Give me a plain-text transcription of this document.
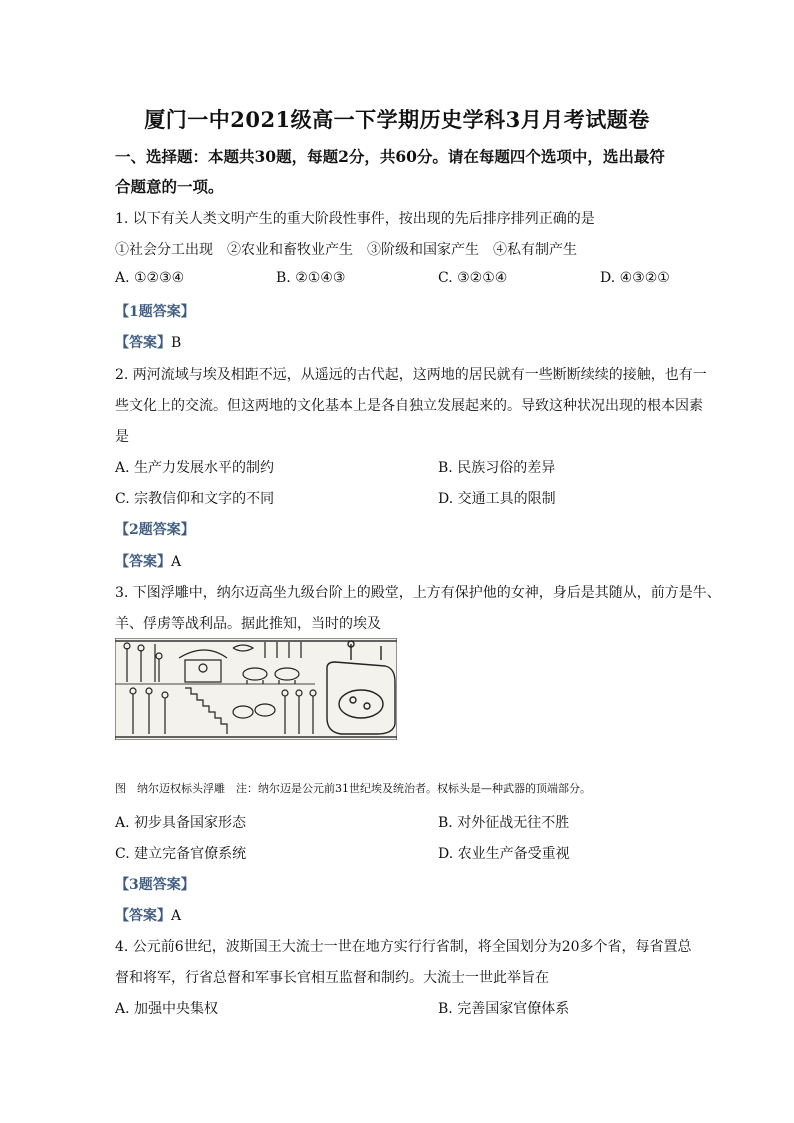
厦门一中2021级高一下学期历史学科3月月考试题卷
一、选择题：本题共30题，每题2分，共60分。请在每题四个选项中，选出最符
合题意的一项。
1. 以下有关人类文明产生的重大阶段性事件，按出现的先后排序排列正确的是
①社会分工出现　②农业和畜牧业产生　③阶级和国家产生　④私有制产生
A. ①②③④	B. ②①④③	C. ③②①④	D. ④③②①
【1题答案】
【答案】B
2. 两河流域与埃及相距不远，从遥远的古代起，这两地的居民就有一些断断续续的接触，也有一
些文化上的交流。但这两地的文化基本上是各自独立发展起来的。导致这种状况出现的根本因素
是
A. 生产力发展水平的制约	B. 民族习俗的差异
C. 宗教信仰和文字的不同	D. 交通工具的限制
【2题答案】
【答案】A
3. 下图浮雕中，纳尔迈高坐九级台阶上的殿堂，上方有保护他的女神，身后是其随从，前方是牛、
羊、俘虏等战利品。据此推知，当时的埃及
图　纳尔迈权标头浮雕　注：纳尔迈是公元前31世纪埃及统治者。权标头是—种武器的顶端部分。
A. 初步具备国家形态	B. 对外征战无往不胜
C. 建立完备官僚系统	D. 农业生产备受重视
【3题答案】
【答案】A
4. 公元前6世纪，波斯国王大流士一世在地方实行行省制，将全国划分为20多个省，每省置总
督和将军，行省总督和军事长官相互监督和制约。大流士一世此举旨在
A. 加强中央集权	B. 完善国家官僚体系
